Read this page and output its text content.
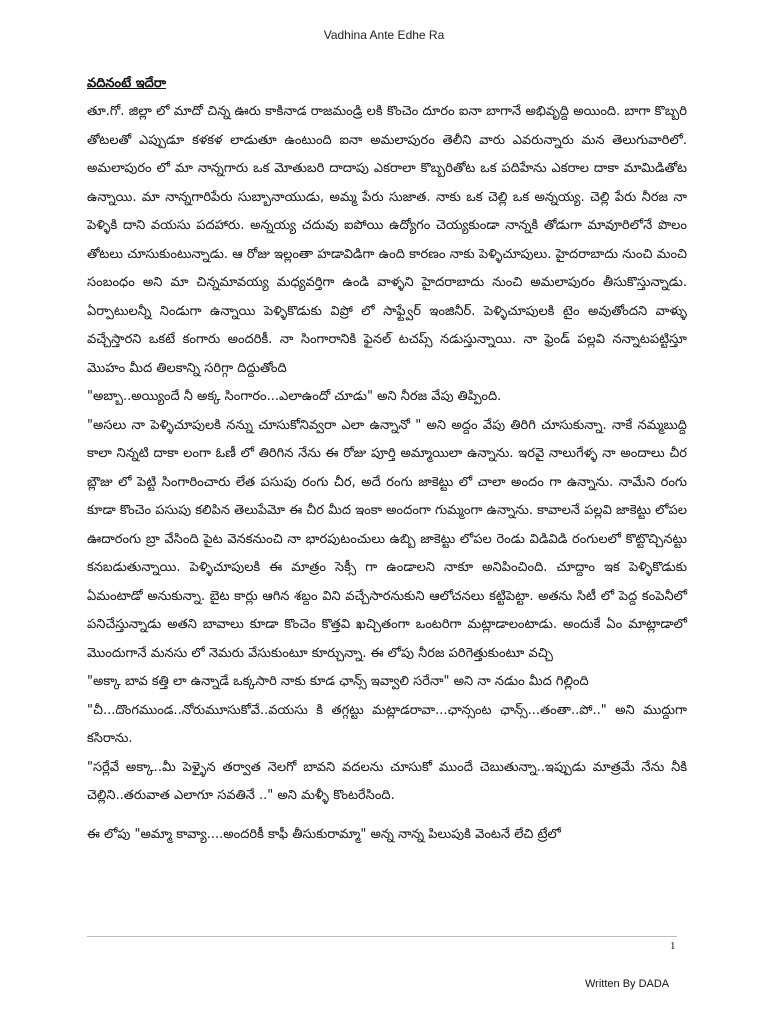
Vadhina Ante Edhe Ra
వదినంటే ఇదేరా

తూ.గో. జిల్లా లో మాదో చిన్న ఊరు కాకినాడ రాజమండ్రి లకి కొంచెం దూరం ఐనా బాగానే అభివృద్ది అయింది. బాగా కొబ్బరి తోటలతో ఎప్పుడూ కళకళ లాడుతూ ఉంటుంది ఐనా అమలాపురం తెలీని వారు ఎవరున్నారు మన తెలుగువారిలో. అమలాపురం లో మా నాన్నగారు ఒక మోతుబరి దాదాపు ఎకరాలా కొబ్బరితోట ఒక పదిహేను ఎకరాల దాకా మామిడితోట ఉన్నాయి. మా నాన్నగారిపేరు సుబ్బానాయుడు, అమ్మ పేరు సుజాత. నాకు ఒక చెల్లి ఒక అన్నయ్య. చెల్లి పేరు నీరజ నా పెళ్ళికి దాని వయసు పదహారు. అన్నయ్య చదువు ఐపోయి ఉద్యోగం చెయ్యకుండా నాన్నకి తోడుగా మావూరిలోనే పొలం తోటలు చూసుకుంటున్నాడు. ఆ రోజు ఇల్లంతా హడావిడిగా ఉంది కారణం నాకు పెళ్ళిచూపులు. హైదరాబాదు నుంచి మంచి సంబంధం అని మా చిన్నమావయ్య మధ్యవర్తిగా ఉండి వాళ్ళని హైదరాబాదు నుంచి అమలాపురం తీసుకొస్తున్నాడు. ఏర్పాటులన్నీ నిండుగా ఉన్నాయి పెళ్ళికొడుకు విప్రో లో సాఫ్ట్వేర్ ఇంజినీర్. పెళ్ళిచూపులకి టైం అవుతోందని వాళ్ళు వచ్చేస్తారని ఒకటే కంగారు అందరికీ. నా సింగారానికి ఫైనల్ టచప్స్ నడుస్తున్నాయి. నా ఫ్రెండ్ పల్లవి నన్నాటపట్టిస్తూ మొహం మీద తిలకాన్ని సరిగ్గా దిద్దుతోంది

"అబ్బా..అయ్యిందే నీ అక్క సింగారం...ఎలాఉందో చూడు" అని నీరజ వేపు తిప్పింది.

"అసలు నా పెళ్ళిచూపులకి నన్ను చూసుకోనివ్వరా ఎలా ఉన్నానో " అని అద్దం వేపు తిరిగి చూసుకున్నా. నాకే నమ్మబుద్ది కాలా నిన్నటి దాకా లంగా ఓణీ లో తిరిగిన నేను ఈ రోజు పూర్తి అమ్మాయిలా ఉన్నాను. ఇరవై నాలుగేళ్ళ నా అందాలు చీర బ్లౌజు లో పెట్టి సింగారించారు లేత పసుపు రంగు చీర, అదే రంగు జాకెట్టు లో చాలా అందం గా ఉన్నాను. నామేని రంగు కూడా కొంచెం పసుపు కలిపిన తెలుపేమో ఈ చీర మీద ఇంకా అందంగా గుమ్మంగా ఉన్నాను. కావాలనే పల్లవి జాకెట్టు లోపల ఊదారంగు బ్రా వేసింది పైట వెనకనుంచి నా భారపుటంచులు ఉబ్బి జాకెట్టు లోపల రెండు విడివిడి రంగులలో కొట్టొచ్చినట్టు కనబడుతున్నాయి. పెళ్ళిచూపులకి ఈ మాత్రం సెక్సీ గా ఉండాలని నాకూ అనిపించింది. చూద్దాం ఇక పెళ్ళికొడుకు ఏమంటాడో అనుకున్నా. బైట కార్లు ఆగిన శబ్దం విని వచ్చేసారనుకుని ఆలోచనలు కట్టిపెట్టా. అతను సిటీ లో పెద్ద కంపెనీలో పనిచేస్తున్నాడు అతని బావాలు కూడా కొంచెం కొత్తవి ఖచ్చితంగా ఒంటరిగా మట్లాడాలంటాడు. అందుకే ఏం మాట్లాడాలో మొందుగానే మనసు లో నెమరు వేసుకుంటూ కూర్చున్నా. ఈ లోపు నీరజ పరిగెత్తుకుంటూ వచ్చి

"అక్కా బావ కత్తి లా ఉన్నాడే ఒక్కసారి నాకు కూడ ఛాన్స్ ఇవ్వాలి సరేనా" అని నా నడుం మీద గిల్లింది

"చీ...దొంగముండ..నోరుమూసుకోవే..వయసు కి తగ్గట్టు మట్లాడరావా...ఛాన్సంట ఛాన్స్...తంతా..పో.." అని ముద్దుగా కసిరాను.

"సర్లేవే అక్కా..మీ పెళ్ళైన తర్వాత నెలగో బావని వదలను చూసుకో ముందే చెబుతున్నా..ఇప్పుడు మాత్రమే నేను నీకి చెల్లిని..తరువాత ఎలాగూ సవతినే .." అని మళ్ళీ కొంటరేసింది.

ఈ లోపు "అమ్మా కావ్యా....అందరికీ కాఫీ తీసుకురామ్మా" అన్న నాన్న పిలుపుకి వెంటనే లేచి ట్రేలో

1
Written By DADA
